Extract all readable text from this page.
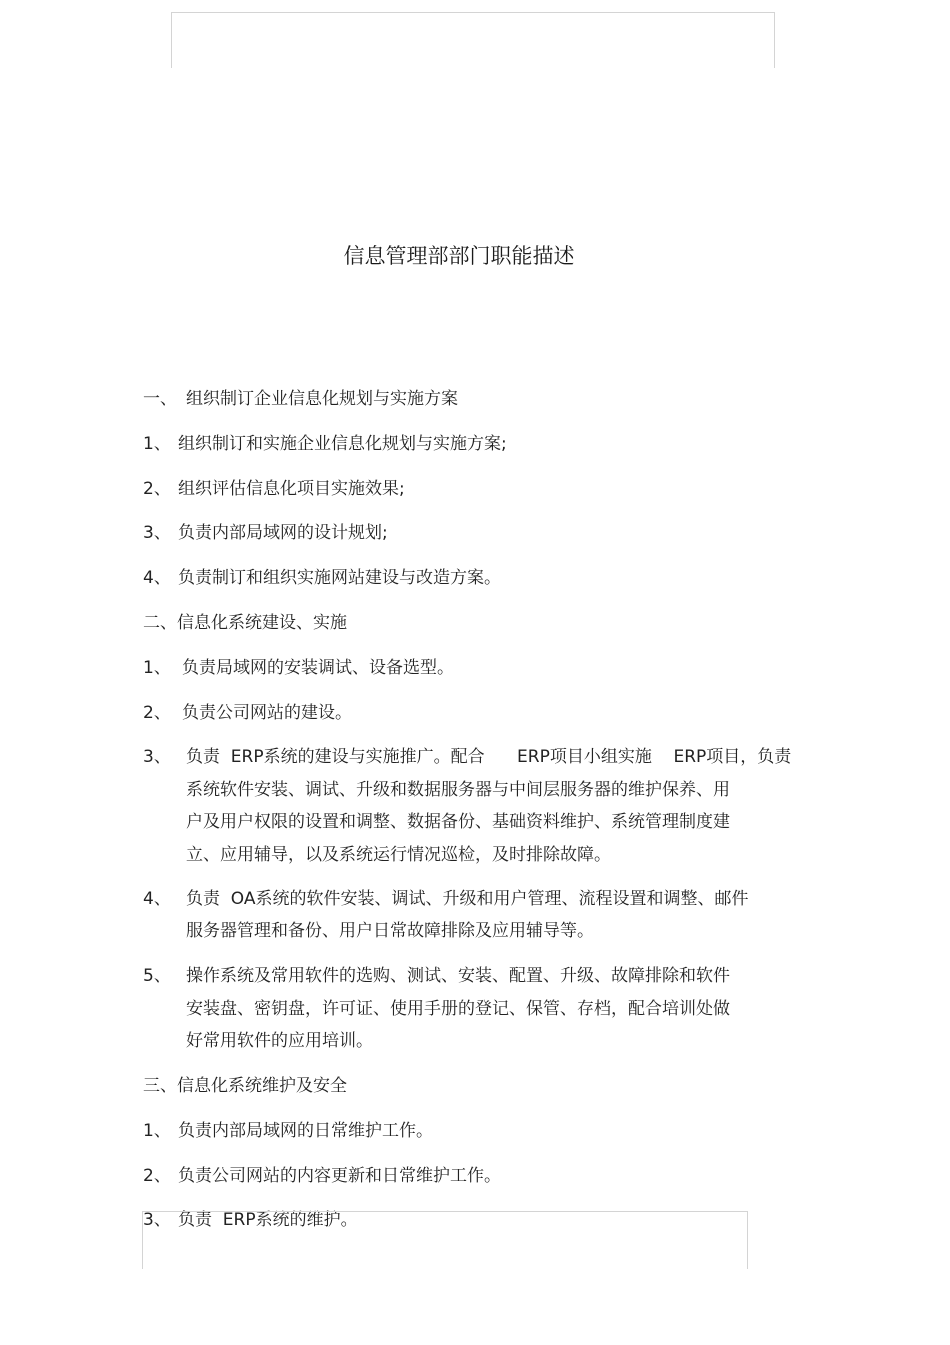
信息管理部部门职能描述
一、 组织制订企业信息化规划与实施方案
1、 组织制订和实施企业信息化规划与实施方案;
2、 组织评估信息化项目实施效果;
3、 负责内部局域网的设计规划;
4、 负责制订和组织实施网站建设与改造方案。
二、信息化系统建设、实施
1、 负责局域网的安装调试、设备选型。
2、 负责公司网站的建设。
3、 负责  ERP系统的建设与实施推广。配合      ERP项目小组实施    ERP项目，负责
系统软件安装、调试、升级和数据服务器与中间层服务器的维护保养、用
户及用户权限的设置和调整、数据备份、基础资料维护、系统管理制度建
立、应用辅导，以及系统运行情况巡检，及时排除故障。
4、 负责  OA系统的软件安装、调试、升级和用户管理、流程设置和调整、邮件
服务器管理和备份、用户日常故障排除及应用辅导等。
5、 操作系统及常用软件的选购、测试、安装、配置、升级、故障排除和软件
安装盘、密钥盘，许可证、使用手册的登记、保管、存档，配合培训处做
好常用软件的应用培训。
三、信息化系统维护及安全
1、 负责内部局域网的日常维护工作。
2、 负责公司网站的内容更新和日常维护工作。
3、 负责  ERP系统的维护。
